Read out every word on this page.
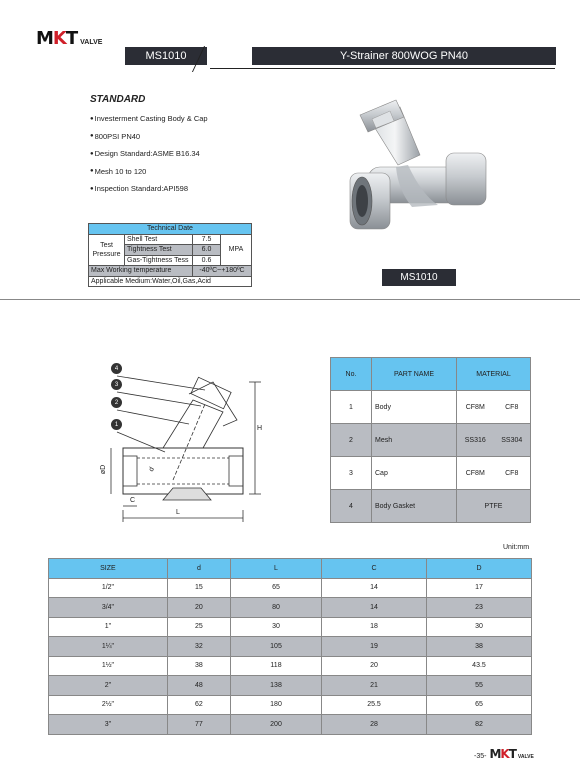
MKT VALVE
MS1010	Y-Strainer 800WOG PN40
STANDARD
● Investerment Casting Body & Cap
● 800PSI PN40
● Design Standard:ASME B16.34
● Mesh 10 to 120
● Inspection Standard:API598
Technical Date			
Test Pressure	Shell Test	7.5	MPA
	Tightness Test	6.0	
	Gas-Tightness Tess	0.6	
Max Working temperature		-40ºC~+180ºC	
Applicable Medium:Water,Oil,Gas,Acid				MS1010
4
3
2
1
H
L
C
øD	d
No.	PART NAME	MATERIAL	
1	Body	CF8M	CF8
2	Mesh	SS316	SS304
3	Cap	CF8M	CF8
4	Body Gasket	PTFE	
Unit:mm
SIZE	d	L	C	D
1/2"	15	65	14	17
3/4"	20	80	14	23
1"	25	30	18	30
1¼"	32	105	19	38
1½"	38	118	20	43.5
2"	48	138	21	55
2½"	62	180	25.5	65
3"	77	200	28	82
-35- MKT VALVE
